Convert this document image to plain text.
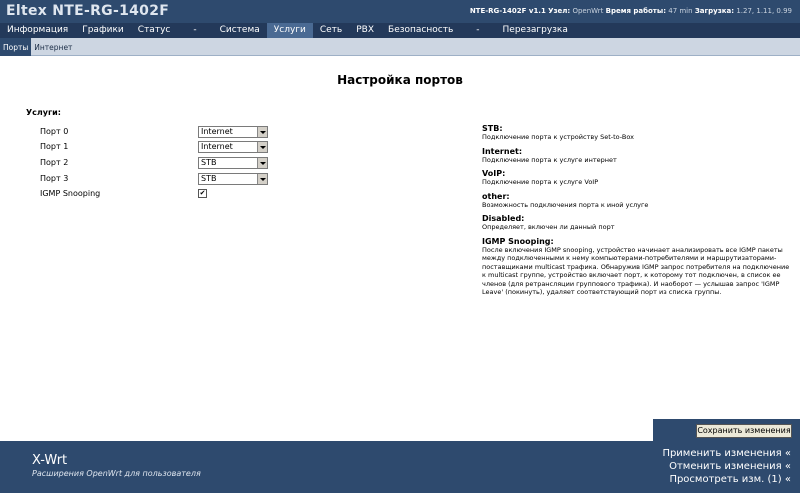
Eltex NTE-RG-1402F	NTE-RG-1402F v1.1 Узел: OpenWrt Время работы: 47 min Загрузка: 1.27, 1.11, 0.99
Информация	Графики	Статус	-	Система	Услуги	Сеть	PBX	Безопасность	-	Перезагрузка
Порты Интернет
Настройка портов
Услуги:
Порт 0	Internet
Порт 1	Internet
Порт 2	STB
Порт 3	STB
IGMP Snooping	✔
STB:
Подключение порта к устройству Set-to-Box
Internet:
Подключение порта к услуге интернет
VoIP:
Подключение порта к услуге VoIP
other:
Возможность подключения порта к иной услуге
Disabled:
Определяет, включен ли данный порт
IGMP Snooping:
После включения IGMP snooping, устройство начинает анализировать все IGMP пакеты между подключенными к нему компьютерами-потребителями и маршрутизаторами-поставщиками multicast трафика. Обнаружив IGMP запрос потребителя на подключение к multicast группе, устройство включает порт, к которому тот подключен, в список ее членов (для ретрансляции группового трафика). И наоборот — услышав запрос 'IGMP Leave' (покинуть), удаляет соответствующий порт из списка группы.
Сохранить изменения
X-Wrt
Расширения OpenWrt для пользователя
Применить изменения «
Отменить изменения «
Просмотреть изм. (1) «
